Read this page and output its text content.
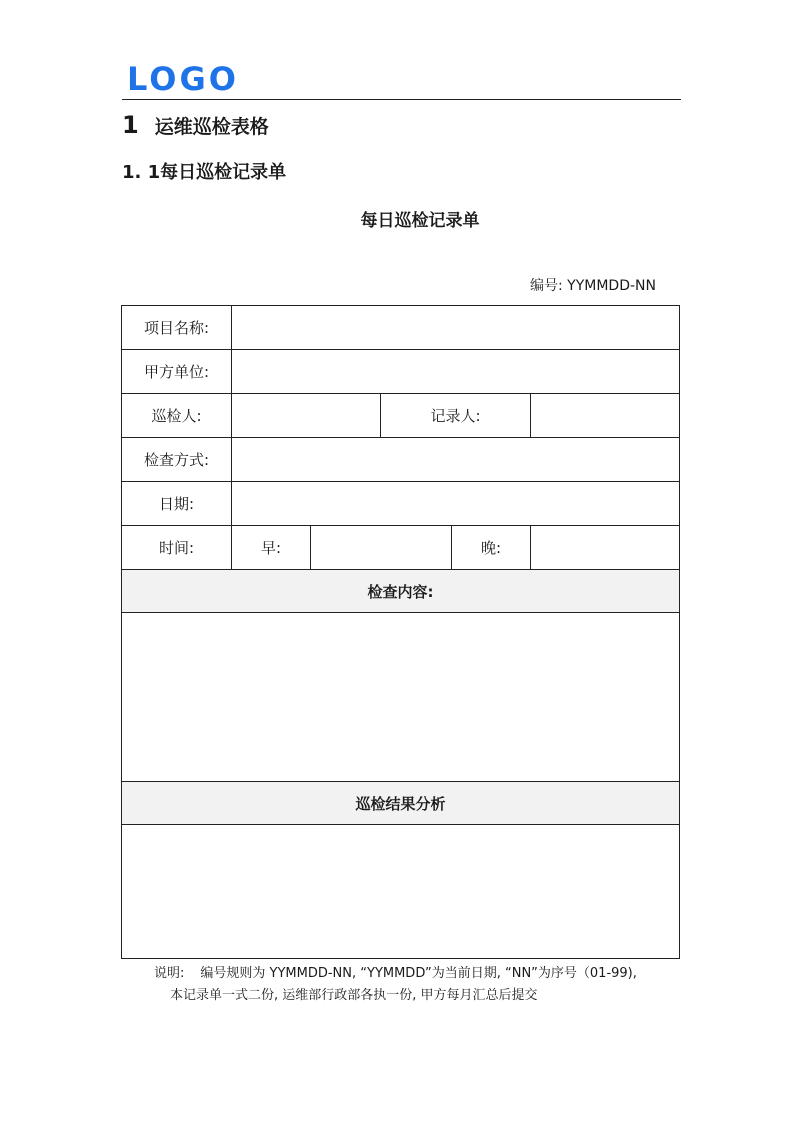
LOGO
1 运维巡检表格
1. 1每日巡检记录单
每日巡检记录单
编号: YYMMDD-NN
项目名称:					
甲方单位:					
巡检人:			记录人:		
检查方式:					
日期:					
时间:	早:			晚:	
检查内容:					

巡检结果分析					

说明: 编号规则为 YYMMDD-NN, “YYMMDD”为当前日期, “NN”为序号（01-99),
本记录单一式二份, 运维部行政部各执一份, 甲方每月汇总后提交
